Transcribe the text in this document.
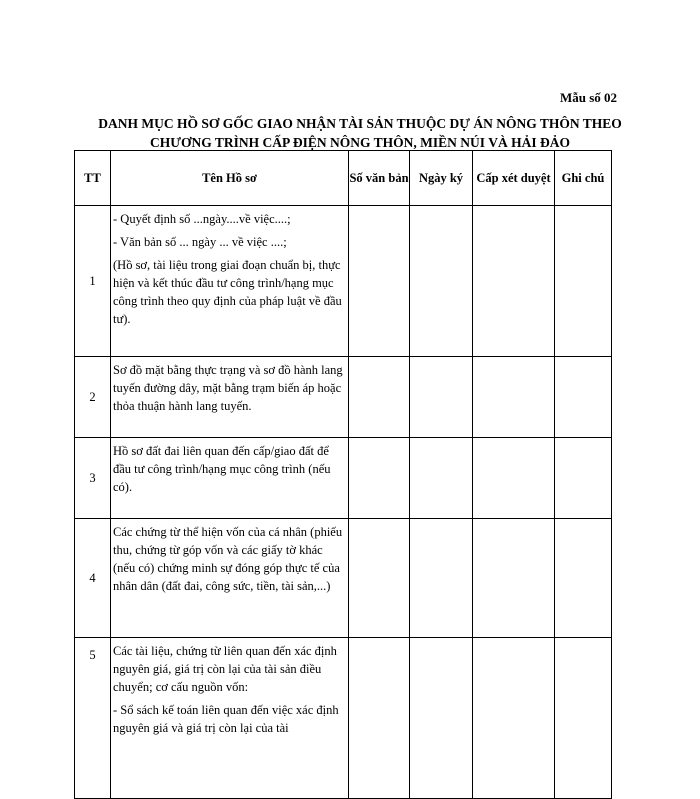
Mẫu số 02
DANH MỤC HỒ SƠ GỐC GIAO NHẬN TÀI SẢN THUỘC DỰ ÁN NÔNG THÔN THEO
CHƯƠNG TRÌNH CẤP ĐIỆN NÔNG THÔN, MIỀN NÚI VÀ HẢI ĐẢO
TT	Tên Hồ sơ	Số văn bản	Ngày ký	Cấp xét duyệt	Ghi chú
1	- Quyết định số ...ngày....về việc....;

- Văn bản số ... ngày ... về việc ....;

(Hồ sơ, tài liệu trong giai đoạn chuẩn bị, thực hiện và kết thúc đầu tư công trình/hạng mục công trình theo quy định của pháp luật về đầu tư).				

2	Sơ đồ mặt bằng thực trạng và sơ đồ hành lang tuyến đường dây, mặt bằng trạm biến áp hoặc thỏa thuận hành lang tuyến.				

3	Hồ sơ đất đai liên quan đến cấp/giao đất để đầu tư công trình/hạng mục công trình (nếu có).				

4	Các chứng từ thể hiện vốn của cá nhân (phiếu thu, chứng từ góp vốn và các giấy tờ khác (nếu có) chứng minh sự đóng góp thực tế của nhân dân (đất đai, công sức, tiền, tài sản,...)				

5	Các tài liệu, chứng từ liên quan đến xác định nguyên giá, giá trị còn lại của tài sản điều chuyển; cơ cấu nguồn vốn:

- Sổ sách kế toán liên quan đến việc xác định nguyên giá và giá trị còn lại của tài				
